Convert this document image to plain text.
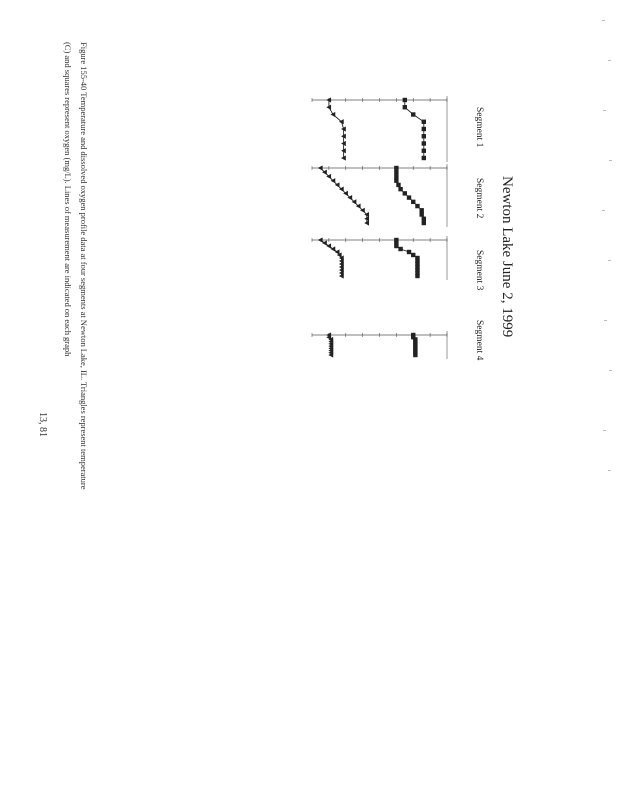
Figure 155-40 Temperature and dissolved oxygen profile data at four segments at Newton Lake, IL. Triangles represent temperature
(C) and squares represent oxygen (mg/L). Lines of measurement are indicated on each graph
13, 81
Newton Lake June 2, 1999
Segment 1
Segment 2
Segment 3
Segment 4
